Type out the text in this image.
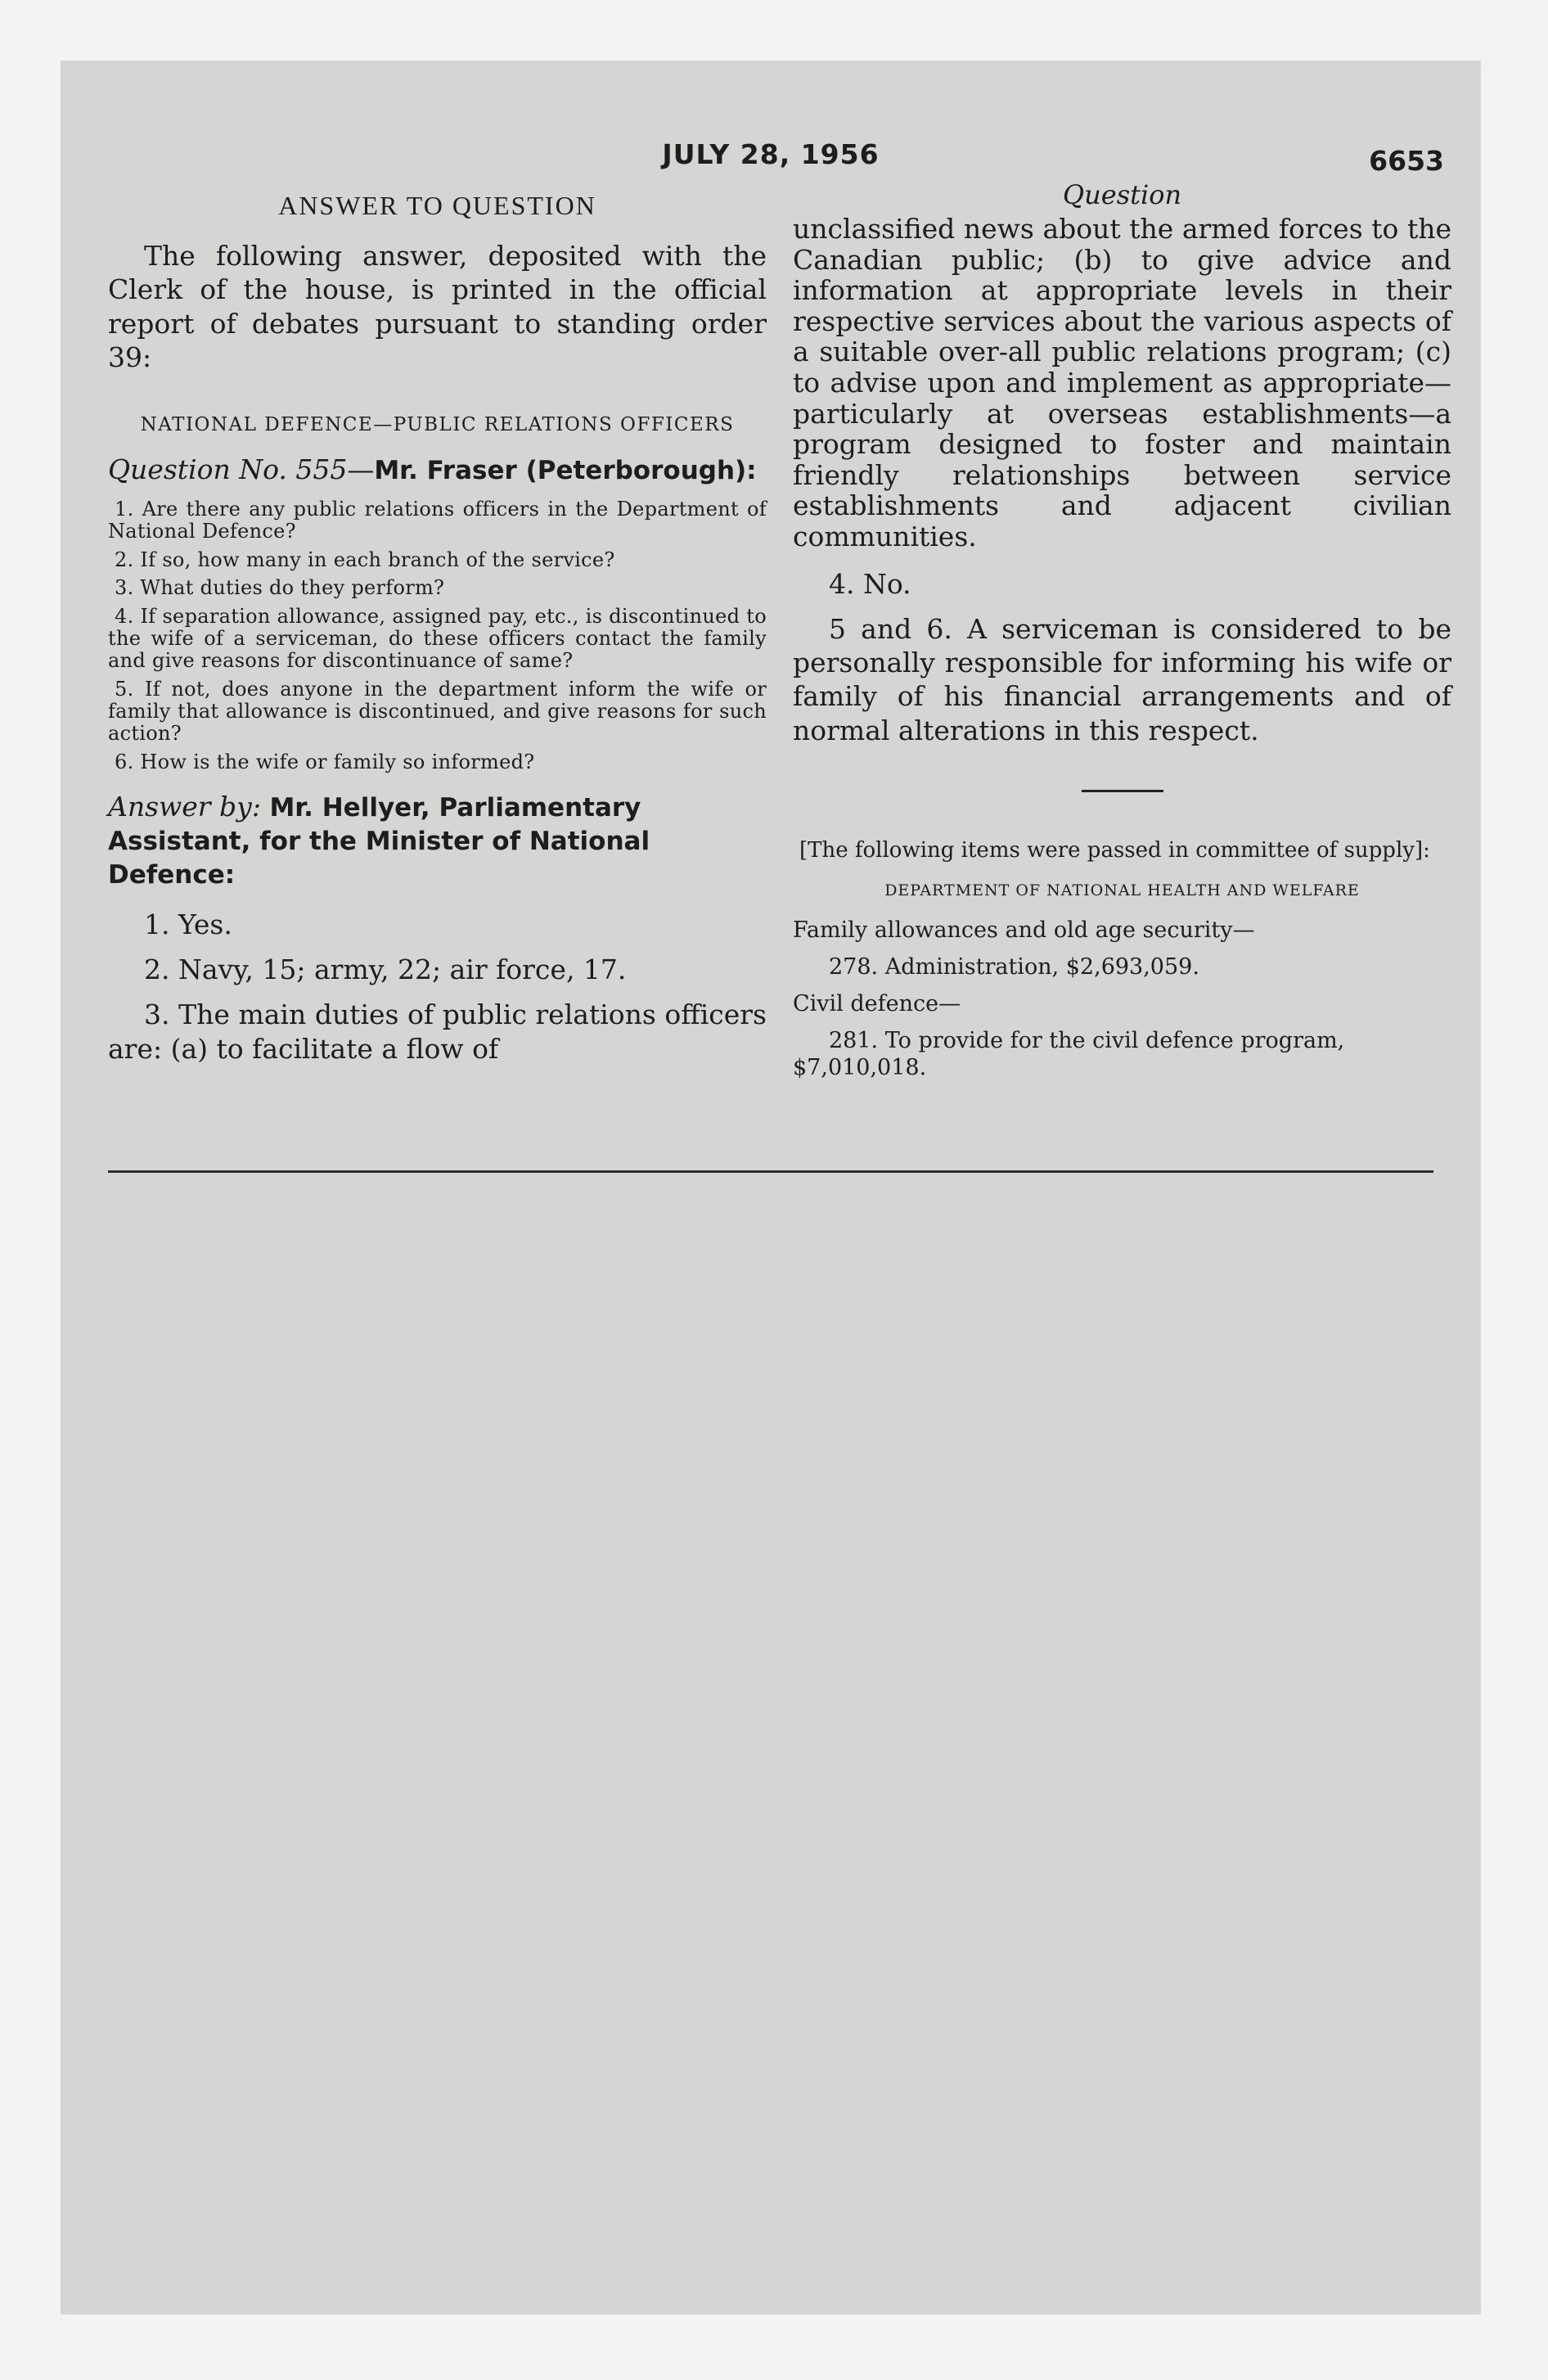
JULY 28, 1956	6653
ANSWER TO QUESTION

The following answer, deposited with the Clerk of the house, is printed in the official report of debates pursuant to standing order 39:

NATIONAL DEFENCE—PUBLIC RELATIONS OFFICERS
Question No. 555—Mr. Fraser (Peterborough):

1. Are there any public relations officers in the Department of National Defence?

2. If so, how many in each branch of the service?

3. What duties do they perform?

4. If separation allowance, assigned pay, etc., is discontinued to the wife of a serviceman, do these officers contact the family and give reasons for discontinuance of same?

5. If not, does anyone in the department inform the wife or family that allowance is discontinued, and give reasons for such action?

6. How is the wife or family so informed?

Answer by: Mr. Hellyer, Parliamentary Assistant, for the Minister of National Defence:

1. Yes.

2. Navy, 15; army, 22; air force, 17.

3. The main duties of public relations officers are: (a) to facilitate a flow of

Question

unclassified news about the armed forces to the Canadian public; (b) to give advice and information at appropriate levels in their respective services about the various aspects of a suitable over-all public relations program; (c) to advise upon and implement as appropriate—particularly at overseas establishments—a program designed to foster and maintain friendly relationships between service establishments and adjacent civilian communities.

4. No.

5 and 6. A serviceman is considered to be personally responsible for informing his wife or family of his financial arrangements and of normal alterations in this respect.

[The following items were passed in committee of supply]:

DEPARTMENT OF NATIONAL HEALTH AND WELFARE

Family allowances and old age security—

278. Administration, $2,693,059.

Civil defence—

281. To provide for the civil defence program, $7,010,018.
